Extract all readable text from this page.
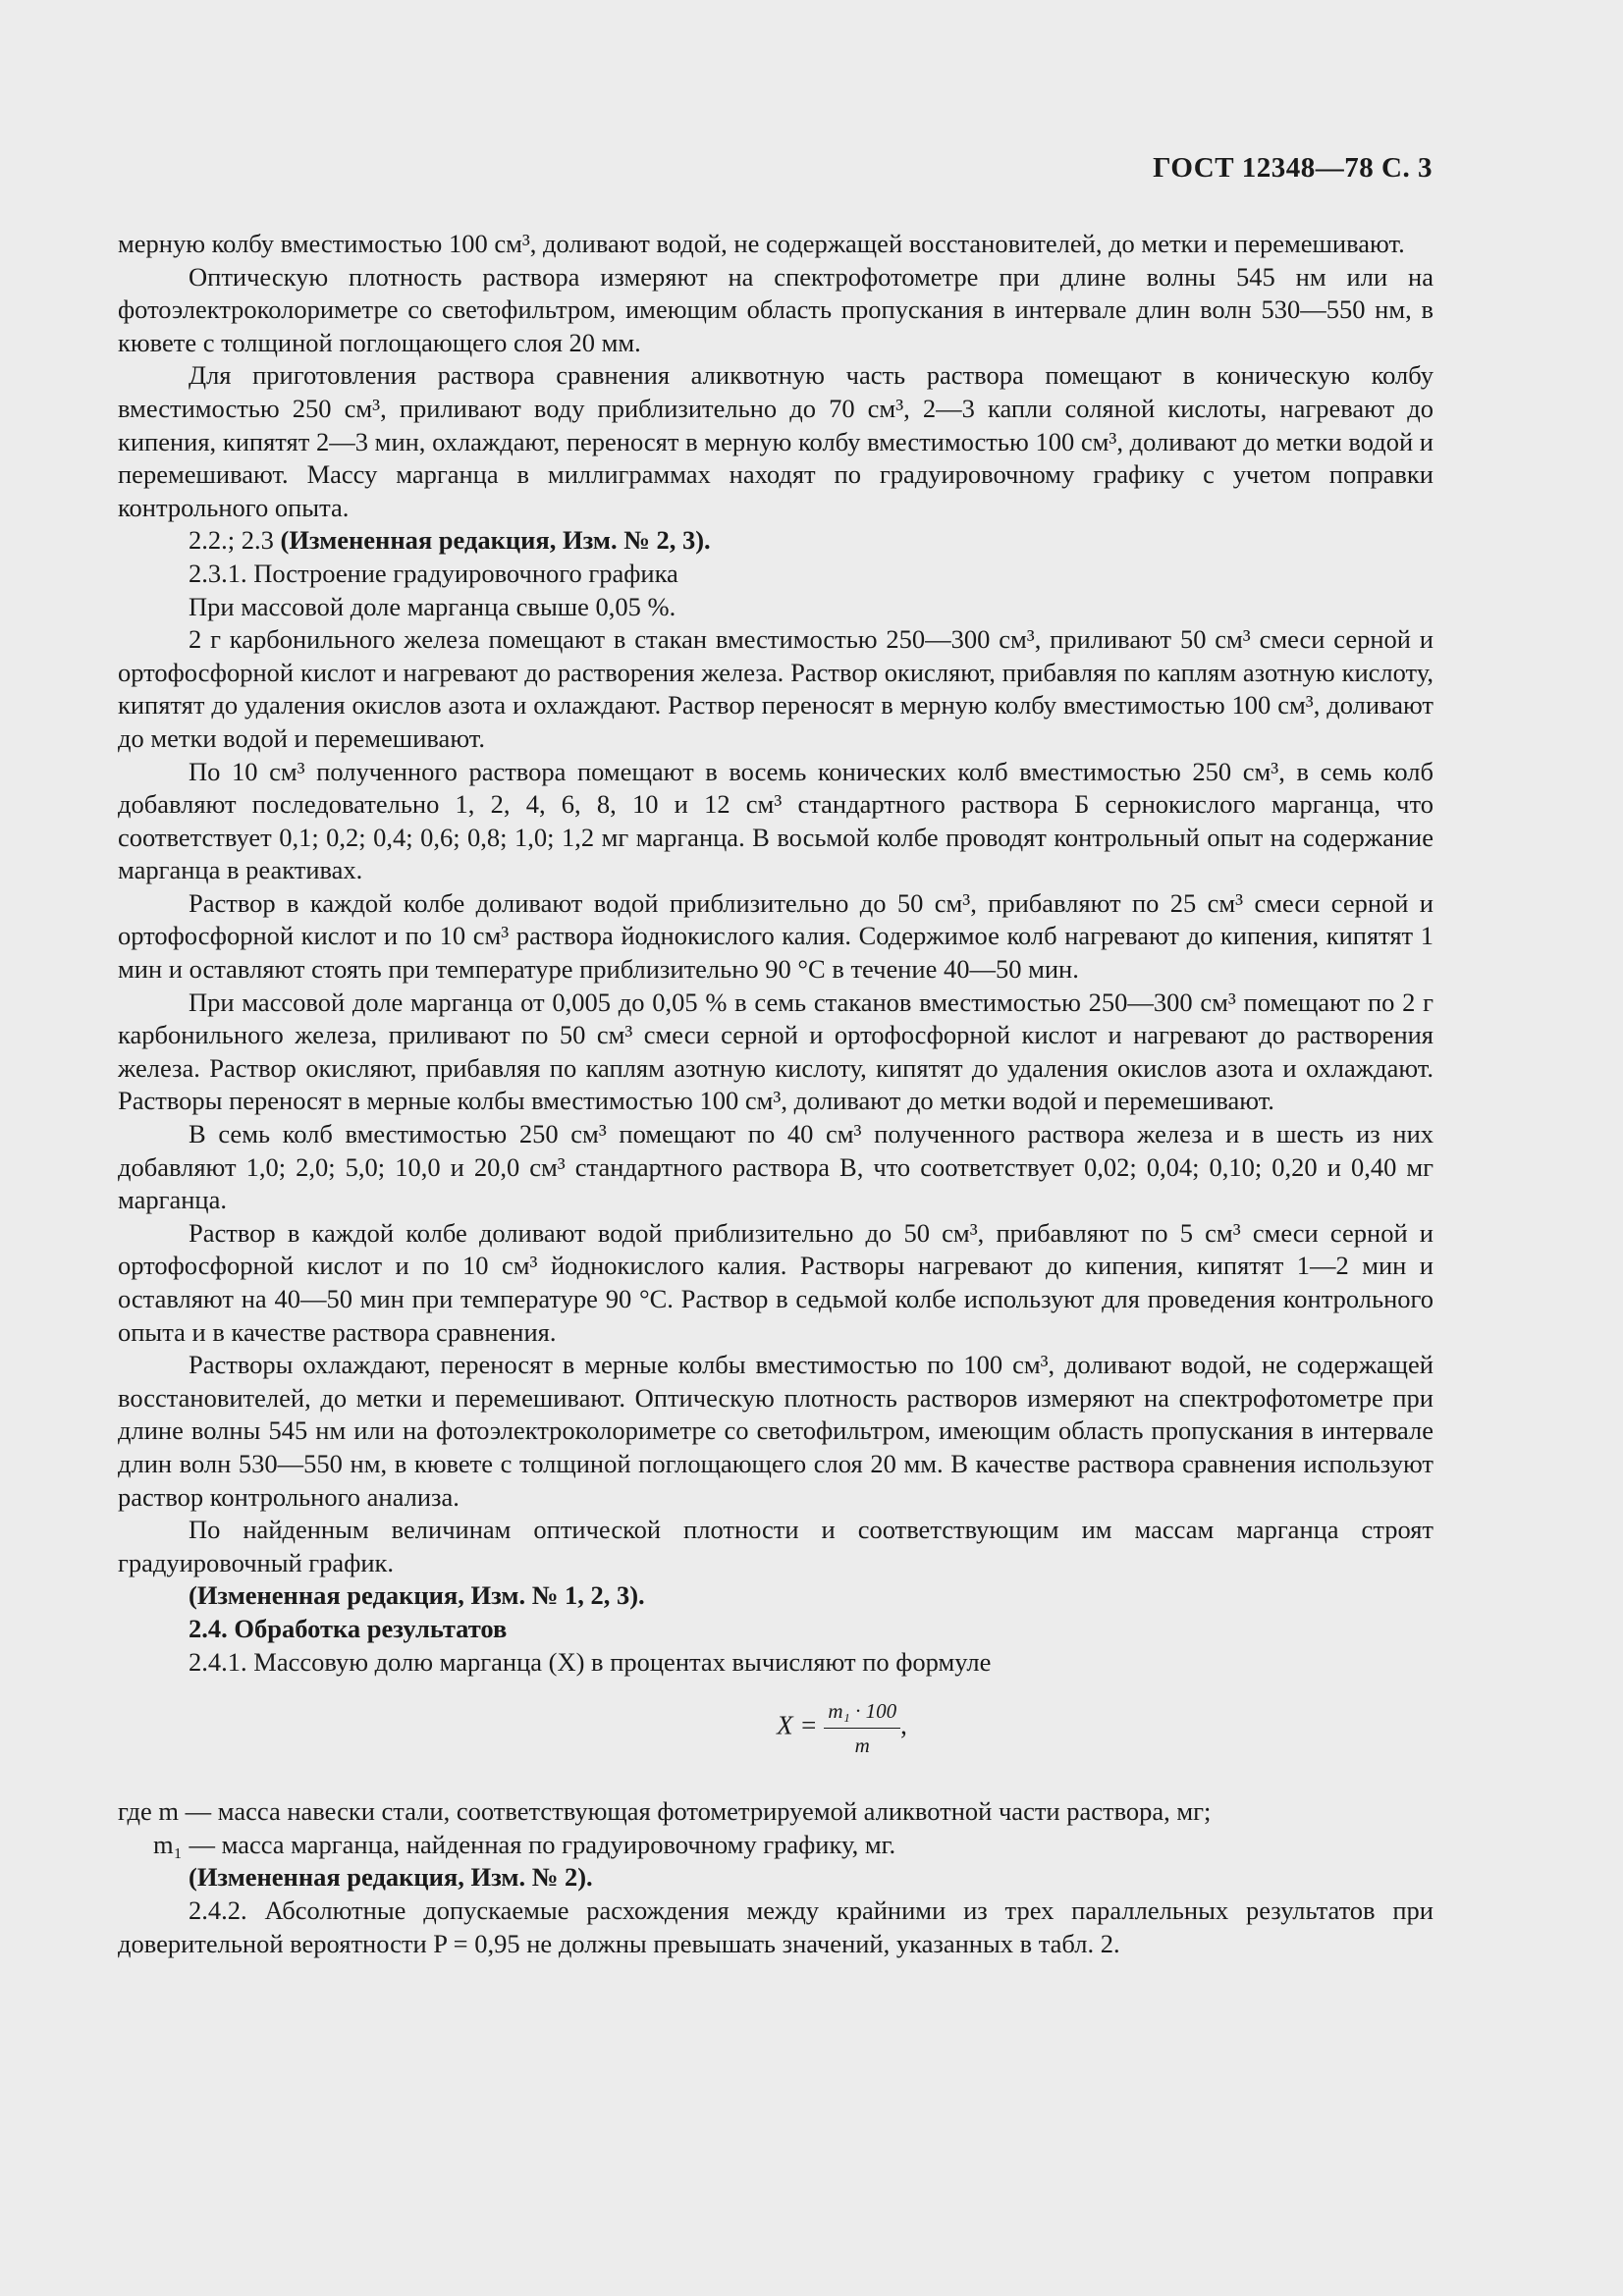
ГОСТ 12348—78 С. 3

мерную колбу вместимостью 100 см³, доливают водой, не содержащей восстановителей, до метки и перемешивают.

Оптическую плотность раствора измеряют на спектрофотометре при длине волны 545 нм или на фотоэлектроколориметре со светофильтром, имеющим область пропускания в интервале длин волн 530—550 нм, в кювете с толщиной поглощающего слоя 20 мм.

Для приготовления раствора сравнения аликвотную часть раствора помещают в коническую колбу вместимостью 250 см³, приливают воду приблизительно до 70 см³, 2—3 капли соляной кислоты, нагревают до кипения, кипятят 2—3 мин, охлаждают, переносят в мерную колбу вместимостью 100 см³, доливают до метки водой и перемешивают. Массу марганца в миллиграммах находят по градуировочному графику с учетом поправки контрольного опыта.

2.2.; 2.3 (Измененная редакция, Изм. № 2, 3).

2.3.1. Построение градуировочного графика

При массовой доле марганца свыше 0,05 %.

2 г карбонильного железа помещают в стакан вместимостью 250—300 см³, приливают 50 см³ смеси серной и ортофосфорной кислот и нагревают до растворения железа. Раствор окисляют, прибавляя по каплям азотную кислоту, кипятят до удаления окислов азота и охлаждают. Раствор переносят в мерную колбу вместимостью 100 см³, доливают до метки водой и перемешивают.

По 10 см³ полученного раствора помещают в восемь конических колб вместимостью 250 см³, в семь колб добавляют последовательно 1, 2, 4, 6, 8, 10 и 12 см³ стандартного раствора Б сернокислого марганца, что соответствует 0,1; 0,2; 0,4; 0,6; 0,8; 1,0; 1,2 мг марганца. В восьмой колбе проводят контрольный опыт на содержание марганца в реактивах.

Раствор в каждой колбе доливают водой приблизительно до 50 см³, прибавляют по 25 см³ смеси серной и ортофосфорной кислот и по 10 см³ раствора йоднокислого калия. Содержимое колб нагревают до кипения, кипятят 1 мин и оставляют стоять при температуре приблизительно 90 °С в течение 40—50 мин.

При массовой доле марганца от 0,005 до 0,05 % в семь стаканов вместимостью 250—300 см³ помещают по 2 г карбонильного железа, приливают по 50 см³ смеси серной и ортофосфорной кислот и нагревают до растворения железа. Раствор окисляют, прибавляя по каплям азотную кислоту, кипятят до удаления окислов азота и охлаждают. Растворы переносят в мерные колбы вместимостью 100 см³, доливают до метки водой и перемешивают.

В семь колб вместимостью 250 см³ помещают по 40 см³ полученного раствора железа и в шесть из них добавляют 1,0; 2,0; 5,0; 10,0 и 20,0 см³ стандартного раствора В, что соответствует 0,02; 0,04; 0,10; 0,20 и 0,40 мг марганца.

Раствор в каждой колбе доливают водой приблизительно до 50 см³, прибавляют по 5 см³ смеси серной и ортофосфорной кислот и по 10 см³ йоднокислого калия. Растворы нагревают до кипения, кипятят 1—2 мин и оставляют на 40—50 мин при температуре 90 °С. Раствор в седьмой колбе используют для проведения контрольного опыта и в качестве раствора сравнения.

Растворы охлаждают, переносят в мерные колбы вместимостью по 100 см³, доливают водой, не содержащей восстановителей, до метки и перемешивают. Оптическую плотность растворов измеряют на спектрофотометре при длине волны 545 нм или на фотоэлектроколориметре со светофильтром, имеющим область пропускания в интервале длин волн 530—550 нм, в кювете с толщиной поглощающего слоя 20 мм. В качестве раствора сравнения используют раствор контрольного анализа.

По найденным величинам оптической плотности и соответствующим им массам марганца строят градуировочный график.

(Измененная редакция, Изм. № 1, 2, 3).

2.4. Обработка результатов

2.4.1. Массовую долю марганца (X) в процентах вычисляют по формуле

$X = \frac{\text{m₁ · 100}}{m}$ ,

где m — масса навески стали, соответствующая фотометрируемой аликвотной части раствора, мг;

m₁ — масса марганца, найденная по градуировочному графику, мг.

(Измененная редакция, Изм. № 2).

2.4.2. Абсолютные допускаемые расхождения между крайними из трех параллельных результатов при доверительной вероятности P = 0,95 не должны превышать значений, указанных в табл. 2.
